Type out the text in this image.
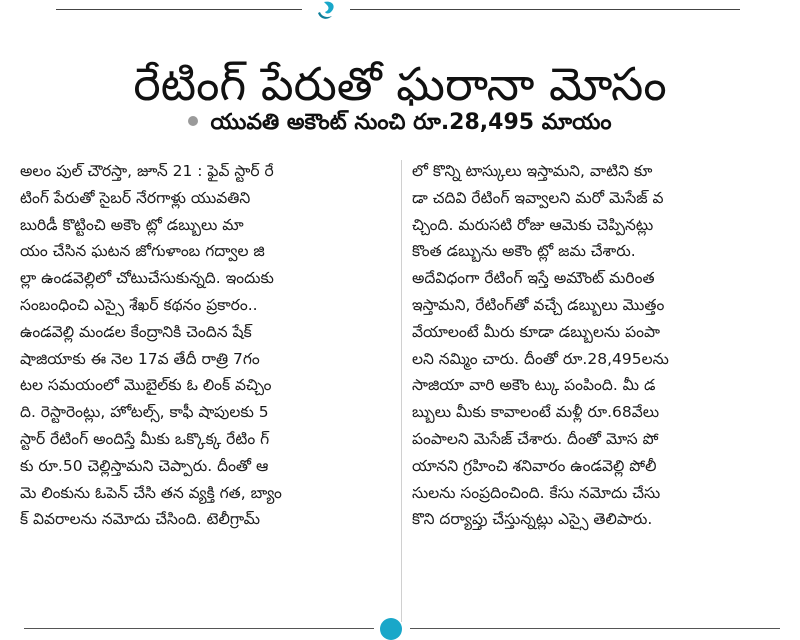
రేటింగ్ పేరుతో ఘరానా మోసం
యువతి అకౌంట్ నుంచి రూ.28,495 మాయం
అలం పుల్ చౌరస్తా, జూన్ 21 : ఫైవ్ స్టార్ రే
టింగ్ పేరుతో సైబర్ నేరగాళ్లు యువతిని
బురిడీ కొట్టించి అకౌం ట్లో డబ్బులు మా
యం చేసిన ఘటన జోగుళాంబ గద్వాల జి
ల్లా ఉండవెల్లిలో చోటుచేసుకున్నది. ఇందుకు
సంబంధించి ఎస్సై శేఖర్ కథనం ప్రకారం..
ఉండవెల్లి మండల కేంద్రానికి చెందిన షేక్
షాజియాకు ఈ నెల 17వ తేదీ రాత్రి 7గం
టల సమయంలో మొబైల్‌కు ఓ లింక్ వచ్చిం
ది. రెస్టారెంట్లు, హోటల్స్, కాఫీ షాపులకు 5
స్టార్ రేటింగ్ అందిస్తే మీకు ఒక్కొక్క రేటిం గ్
కు రూ.50 చెల్లిస్తామని చెప్పారు. దీంతో ఆ
మె లింకును ఓపెన్ చేసి తన వ్యక్తి గత, బ్యాం
క్ వివరాలను నమోదు చేసింది. టెలీగ్రామ్
లో కొన్ని టాస్కులు ఇస్తామని, వాటిని కూ
డా చదివి రేటింగ్ ఇవ్వాలని మరో మెసేజ్ వ
చ్చింది. మరుసటి రోజు ఆమెకు చెప్పినట్లు
కొంత డబ్బును అకౌం ట్లో జమ చేశారు.
అదేవిధంగా రేటింగ్ ఇస్తే అమౌంట్ మరింత
ఇస్తామని, రేటింగ్‌తో వచ్చే డబ్బులు మొత్తం
వేయాలంటే మీరు కూడా డబ్బులను పంపా
లని నమ్మిం చారు. దీంతో రూ.28,495లను
సాజియా వారి అకౌం ట్కు పంపింది. మీ డ
బ్బులు మీకు కావాలంటే మళ్లీ రూ.68వేలు
పంపాలని మెసేజ్ చేశారు. దీంతో మోస పో
యానని గ్రహించి శనివారం ఉండవెల్లి పోలీ
సులను సంప్రదించింది. కేసు నమోదు చేసు
కొని దర్యాప్తు చేస్తున్నట్లు ఎస్సై తెలిపారు.
